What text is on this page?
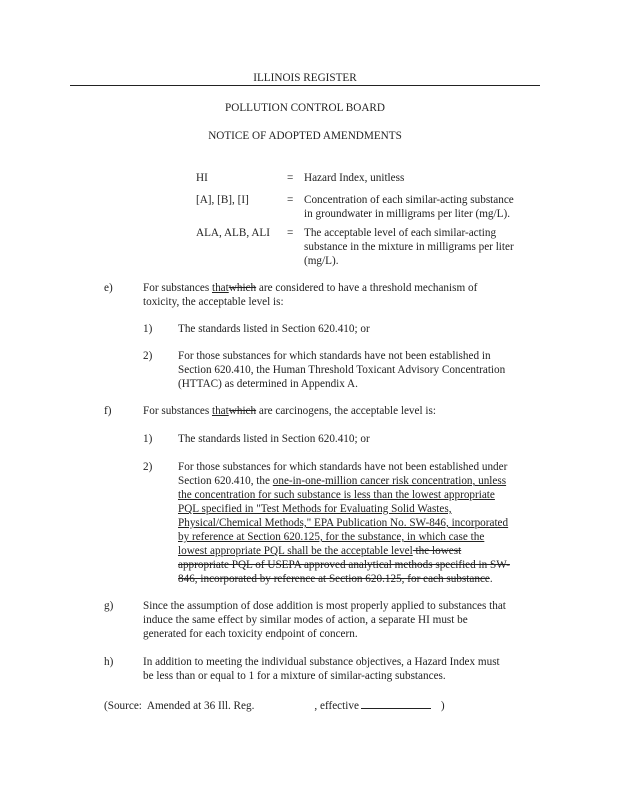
ILLINOIS REGISTER
POLLUTION CONTROL BOARD
NOTICE OF ADOPTED AMENDMENTS
HI	= Hazard Index, unitless
[A], [B], [I]	= Concentration of each similar-acting substance
in groundwater in milligrams per liter (mg/L).
ALA, ALB, ALI = The acceptable level of each similar-acting
substance in the mixture in milligrams per liter
(mg/L).
e)	For substances thatwhich are considered to have a threshold mechanism of
toxicity, the acceptable level is:
1) The standards listed in Section 620.410; or
2) For those substances for which standards have not been established in
Section 620.410, the Human Threshold Toxicant Advisory Concentration
(HTTAC) as determined in Appendix A.
f)	For substances thatwhich are carcinogens, the acceptable level is:
1) The standards listed in Section 620.410; or
2) For those substances for which standards have not been established under
Section 620.410, the one-in-one-million cancer risk concentration, unless
the concentration for such substance is less than the lowest appropriate
PQL specified in "Test Methods for Evaluating Solid Wastes,
Physical/Chemical Methods," EPA Publication No. SW-846, incorporated
by reference at Section 620.125, for the substance, in which case the
lowest appropriate PQL shall be the acceptable level the lowest
appropriate PQL of USEPA approved analytical methods specified in SW-
846, incorporated by reference at Section 620.125, for each substance.
g)	Since the assumption of dose addition is most properly applied to substances that
induce the same effect by similar modes of action, a separate HI must be
generated for each toxicity endpoint of concern.
h)	In addition to meeting the individual substance objectives, a Hazard Index must
be less than or equal to 1 for a mixture of similar-acting substances.
(Source:  Amended at 36 Ill. Reg.	, effective	)
